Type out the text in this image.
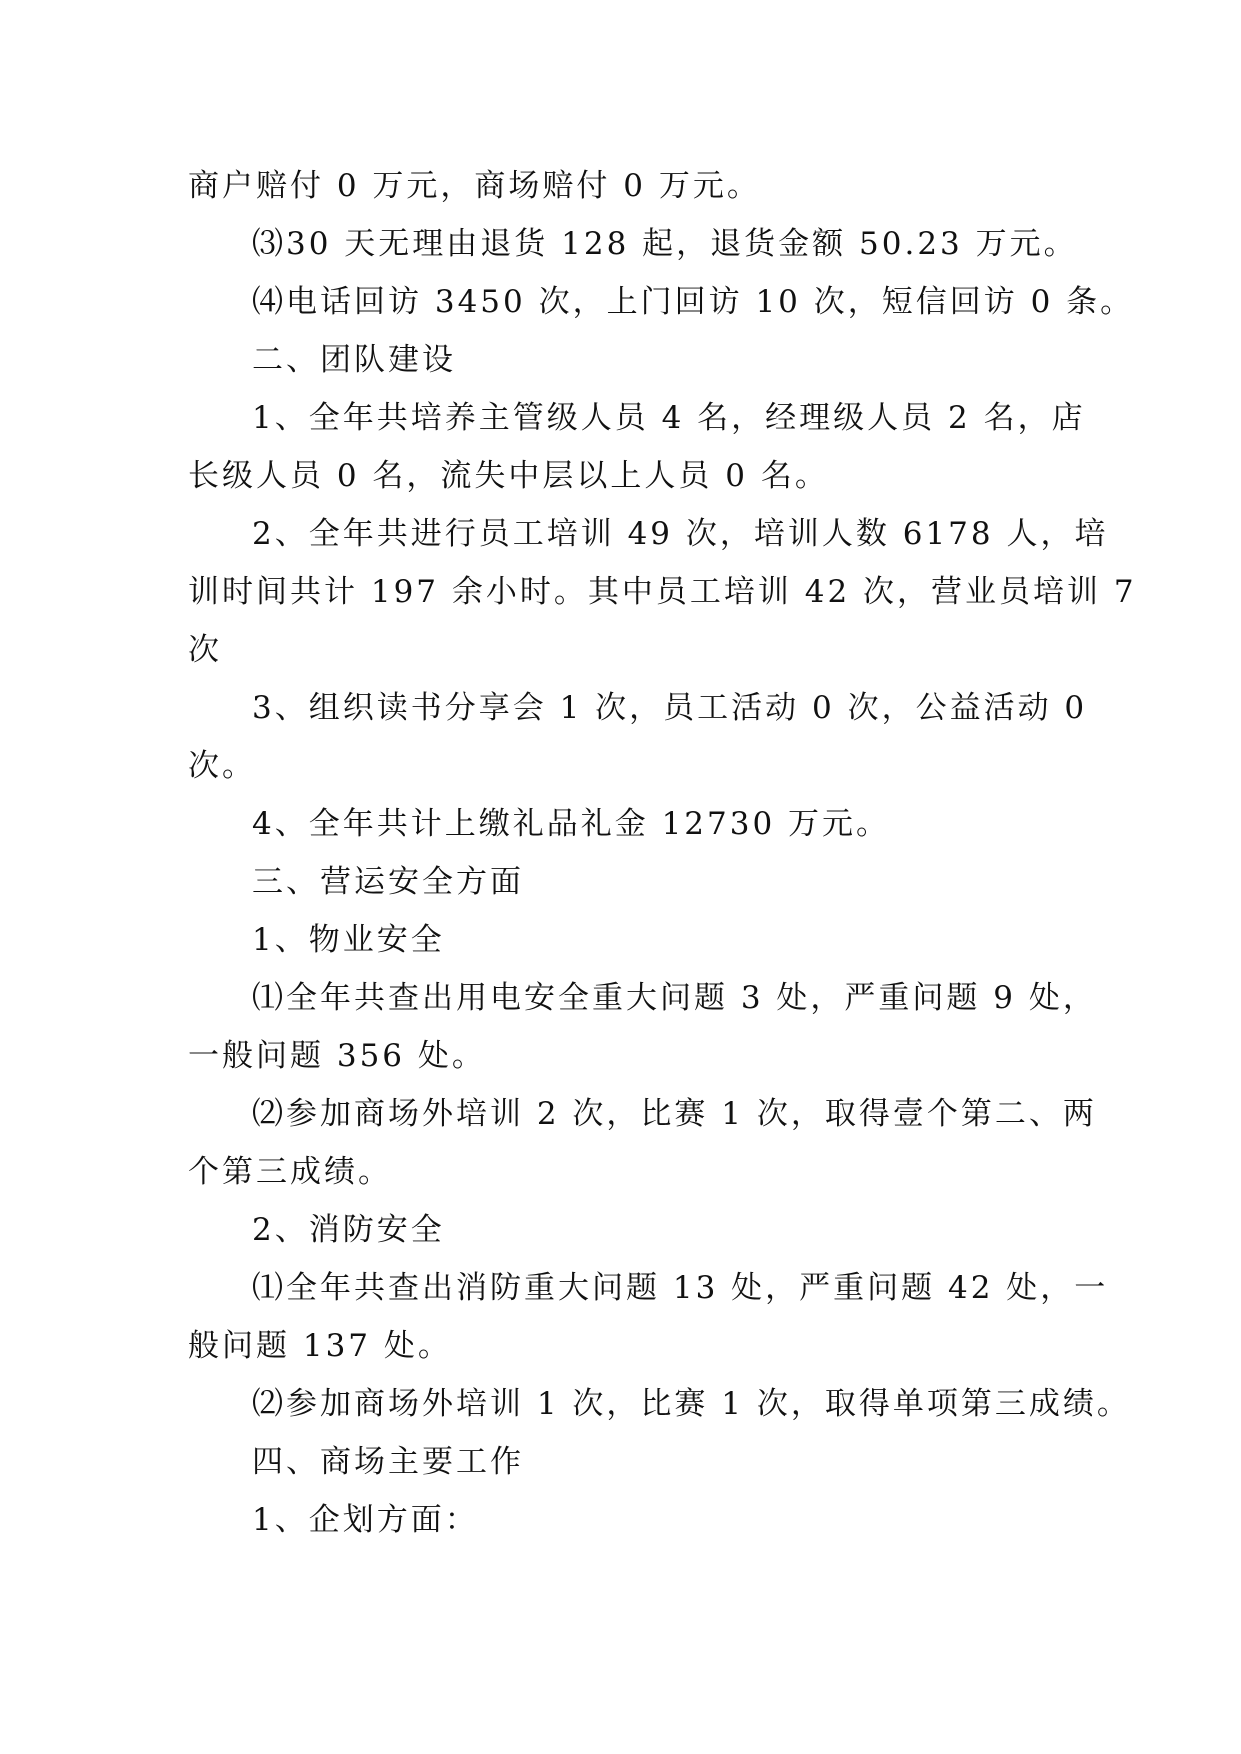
商户赔付 0 万元，商场赔付 0 万元。
⑶30 天无理由退货 128 起，退货金额 50.23 万元。
⑷电话回访 3450 次，上门回访 10 次，短信回访 0 条。
二、团队建设
1、全年共培养主管级人员 4 名，经理级人员 2 名，店
长级人员 0 名，流失中层以上人员 0 名。
2、全年共进行员工培训 49 次，培训人数 6178 人，培
训时间共计 197 余小时。其中员工培训 42 次，营业员培训 7
次
3、组织读书分享会 1 次，员工活动 0 次，公益活动 0
次。
4、全年共计上缴礼品礼金 12730 万元。
三、营运安全方面
1、物业安全
⑴全年共查出用电安全重大问题 3 处，严重问题 9 处，
一般问题 356 处。
⑵参加商场外培训 2 次，比赛 1 次，取得壹个第二、两
个第三成绩。
2、消防安全
⑴全年共查出消防重大问题 13 处，严重问题 42 处，一
般问题 137 处。
⑵参加商场外培训 1 次，比赛 1 次，取得单项第三成绩。
四、商场主要工作
1、企划方面：
